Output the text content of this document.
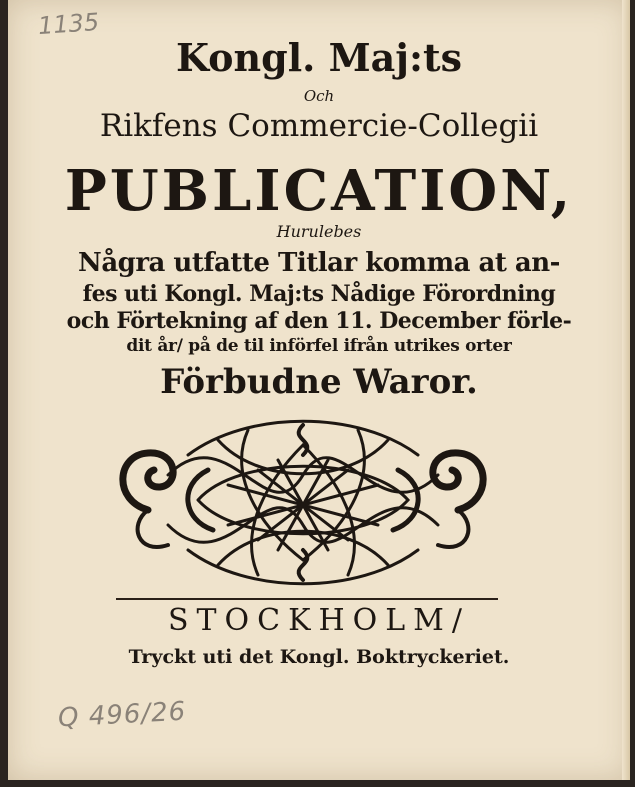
1135
Kongl. Maj:ts
Och
Rikfens Commercie-Collegii
PUBLICATION,
Hurulebes
Några utfatte Titlar komma at an-
fes uti Kongl. Maj:ts Nådige Förordning
och Förtekning af den 11. December förle-
dit år/ på de til införfel ifrån utrikes orter
Förbudne Waror.
STOCKHOLM/
Tryckt uti det Kongl. Boktryckeriet.
Q 496/26
